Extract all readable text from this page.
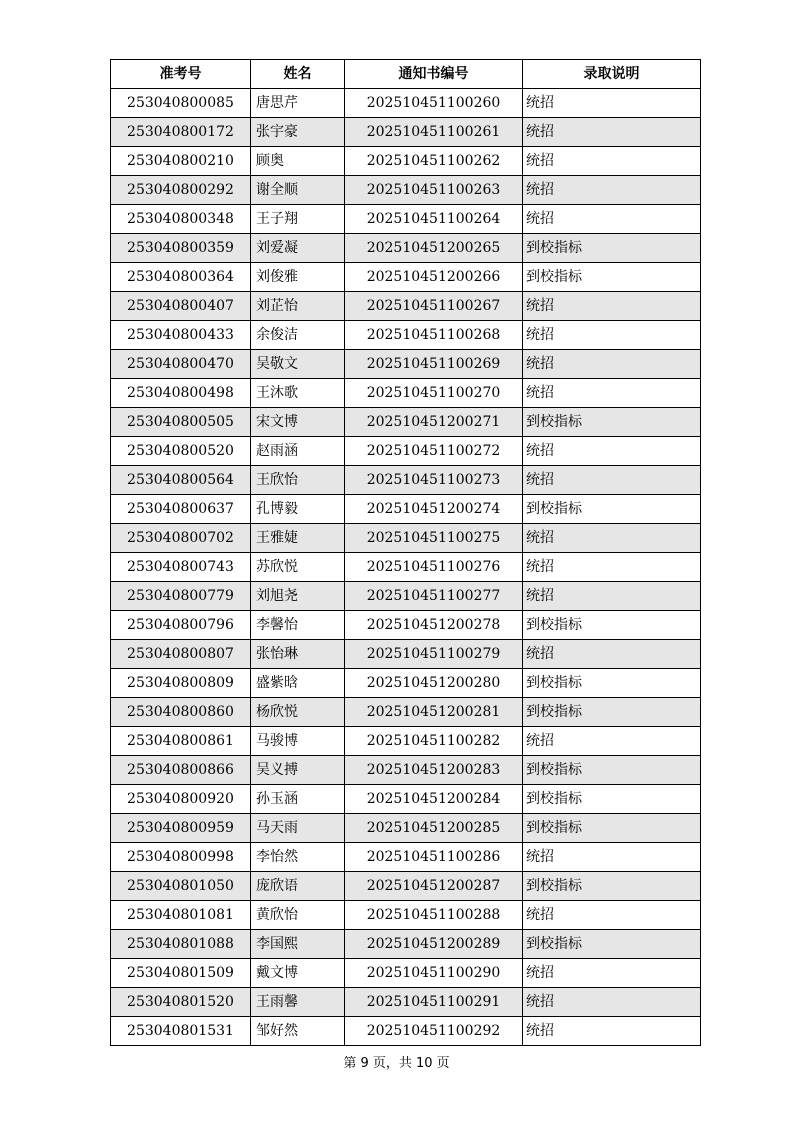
准考号	姓名	通知书编号	录取说明
253040800085	唐思芹	202510451100260	统招
253040800172	张宇豪	202510451100261	统招
253040800210	顾奥	202510451100262	统招
253040800292	谢全顺	202510451100263	统招
253040800348	王子翔	202510451100264	统招
253040800359	刘爱凝	202510451200265	到校指标
253040800364	刘俊雅	202510451200266	到校指标
253040800407	刘芷怡	202510451100267	统招
253040800433	余俊洁	202510451100268	统招
253040800470	吴敬文	202510451100269	统招
253040800498	王沐歌	202510451100270	统招
253040800505	宋文博	202510451200271	到校指标
253040800520	赵雨涵	202510451100272	统招
253040800564	王欣怡	202510451100273	统招
253040800637	孔博毅	202510451200274	到校指标
253040800702	王雅婕	202510451100275	统招
253040800743	苏欣悦	202510451100276	统招
253040800779	刘旭尧	202510451100277	统招
253040800796	李馨怡	202510451200278	到校指标
253040800807	张怡琳	202510451100279	统招
253040800809	盛紫晗	202510451200280	到校指标
253040800860	杨欣悦	202510451200281	到校指标
253040800861	马骏博	202510451100282	统招
253040800866	吴义搏	202510451200283	到校指标
253040800920	孙玉涵	202510451200284	到校指标
253040800959	马天雨	202510451200285	到校指标
253040800998	李怡然	202510451100286	统招
253040801050	庞欣语	202510451200287	到校指标
253040801081	黄欣怡	202510451100288	统招
253040801088	李国熙	202510451200289	到校指标
253040801509	戴文博	202510451100290	统招
253040801520	王雨馨	202510451100291	统招
253040801531	邹好然	202510451100292	统招
第 9 页，共 10 页
